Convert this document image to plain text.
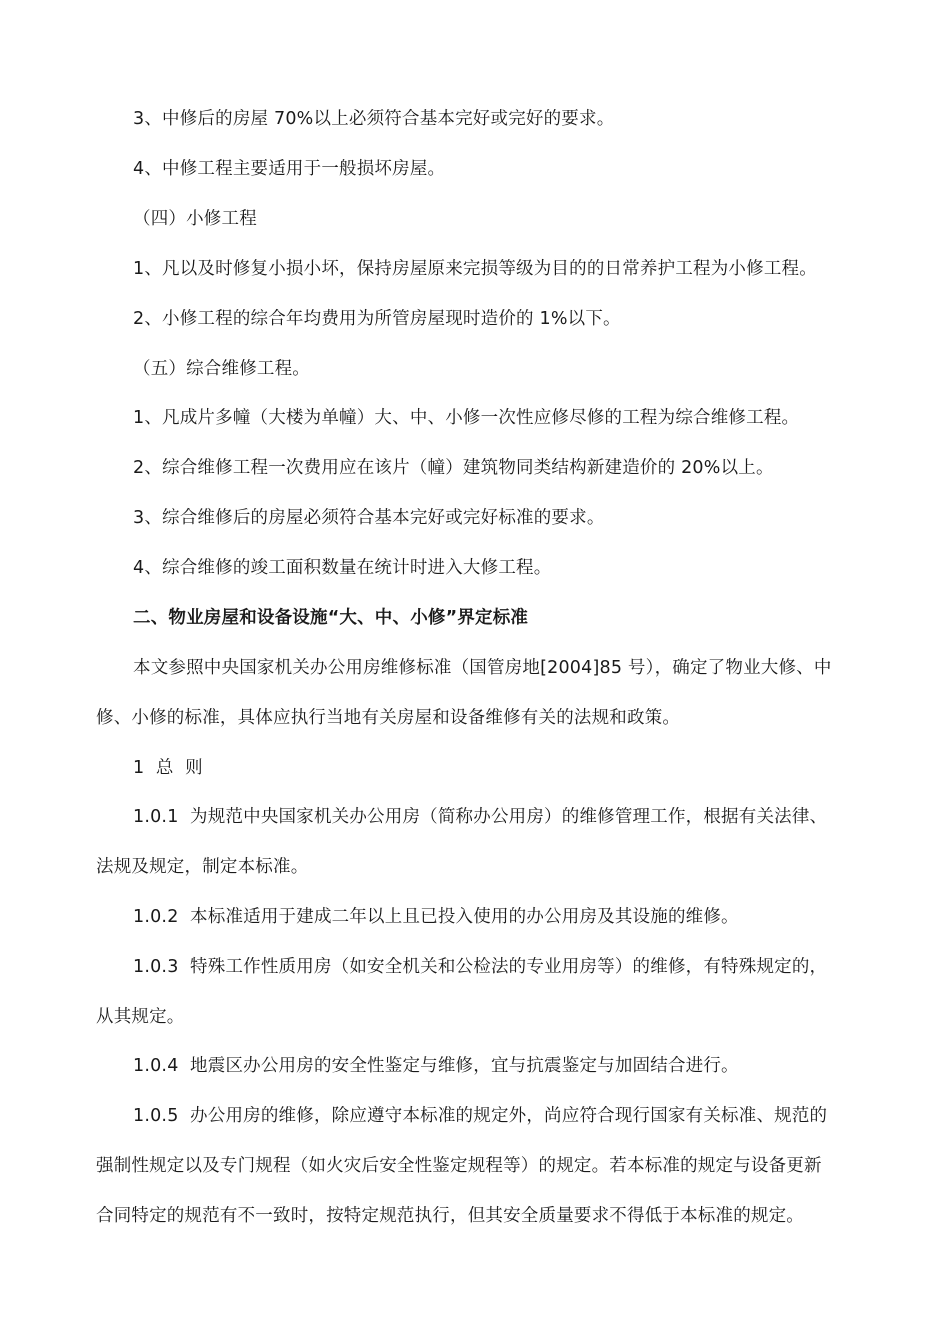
3、中修后的房屋 70%以上必须符合基本完好或完好的要求。
4、中修工程主要适用于一般损坏房屋。
（四）小修工程
1、凡以及时修复小损小坏，保持房屋原来完损等级为目的的日常养护工程为小修工程。
2、小修工程的综合年均费用为所管房屋现时造价的 1%以下。
（五）综合维修工程。
1、凡成片多幢（大楼为单幢）大、中、小修一次性应修尽修的工程为综合维修工程。
2、综合维修工程一次费用应在该片（幢）建筑物同类结构新建造价的 20%以上。
3、综合维修后的房屋必须符合基本完好或完好标准的要求。
4、综合维修的竣工面积数量在统计时进入大修工程。
二、物业房屋和设备设施“大、中、小修”界定标准
本文参照中央国家机关办公用房维修标准（国管房地[2004]85 号），确定了物业大修、中
修、小修的标准，具体应执行当地有关房屋和设备维修有关的法规和政策。
1  总  则
1.0.1  为规范中央国家机关办公用房（简称办公用房）的维修管理工作，根据有关法律、
法规及规定，制定本标准。
1.0.2  本标准适用于建成二年以上且已投入使用的办公用房及其设施的维修。
1.0.3  特殊工作性质用房（如安全机关和公检法的专业用房等）的维修，有特殊规定的，
从其规定。
1.0.4  地震区办公用房的安全性鉴定与维修，宜与抗震鉴定与加固结合进行。
1.0.5  办公用房的维修，除应遵守本标准的规定外，尚应符合现行国家有关标准、规范的
强制性规定以及专门规程（如火灾后安全性鉴定规程等）的规定。若本标准的规定与设备更新
合同特定的规范有不一致时，按特定规范执行，但其安全质量要求不得低于本标准的规定。
